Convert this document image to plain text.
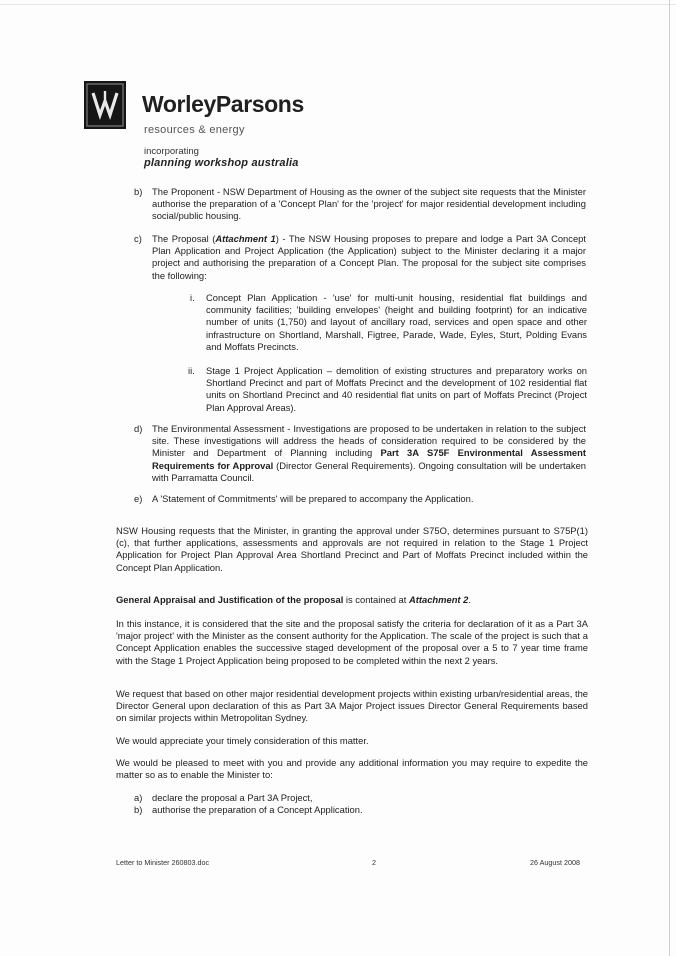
WorleyParsons
resources & energy
incorporating
planning workshop australia
b) The Proponent - NSW Department of Housing as the owner of the subject site requests that the Minister authorise the preparation of a 'Concept Plan' for the 'project' for major residential development including social/public housing.
c) The Proposal (Attachment 1) - The NSW Housing proposes to prepare and lodge a Part 3A Concept Plan Application and Project Application (the Application) subject to the Minister declaring it a major project and authorising the preparation of a Concept Plan. The proposal for the subject site comprises the following:
i. Concept Plan Application - 'use' for multi-unit housing, residential flat buildings and community facilities; 'building envelopes' (height and building footprint) for an indicative number of units (1,750) and layout of ancillary road, services and open space and other infrastructure on Shortland, Marshall, Figtree, Parade, Wade, Eyles, Sturt, Polding Evans and Moffats Precincts.
ii. Stage 1 Project Application – demolition of existing structures and preparatory works on Shortland Precinct and part of Moffats Precinct and the development of 102 residential flat units on Shortland Precinct and 40 residential flat units on part of Moffats Precinct (Project Plan Approval Areas).
d) The Environmental Assessment - Investigations are proposed to be undertaken in relation to the subject site. These investigations will address the heads of consideration required to be considered by the Minister and Department of Planning including Part 3A S75F Environmental Assessment Requirements for Approval (Director General Requirements). Ongoing consultation will be undertaken with Parramatta Council.
e) A 'Statement of Commitments' will be prepared to accompany the Application.
NSW Housing requests that the Minister, in granting the approval under S75O, determines pursuant to S75P(1)(c), that further applications, assessments and approvals are not required in relation to the Stage 1 Project Application for Project Plan Approval Area Shortland Precinct and Part of Moffats Precinct included within the Concept Plan Application.
General Appraisal and Justification of the proposal is contained at Attachment 2.
In this instance, it is considered that the site and the proposal satisfy the criteria for declaration of it as a Part 3A 'major project' with the Minister as the consent authority for the Application. The scale of the project is such that a Concept Application enables the successive staged development of the proposal over a 5 to 7 year time frame with the Stage 1 Project Application being proposed to be completed within the next 2 years.
We request that based on other major residential development projects within existing urban/residential areas, the Director General upon declaration of this as Part 3A Major Project issues Director General Requirements based on similar projects within Metropolitan Sydney.
We would appreciate your timely consideration of this matter.
We would be pleased to meet with you and provide any additional information you may require to expedite the matter so as to enable the Minister to:
a) declare the proposal a Part 3A Project,
b) authorise the preparation of a Concept Application.
Letter to Minister 260803.doc	2	26 August 2008
